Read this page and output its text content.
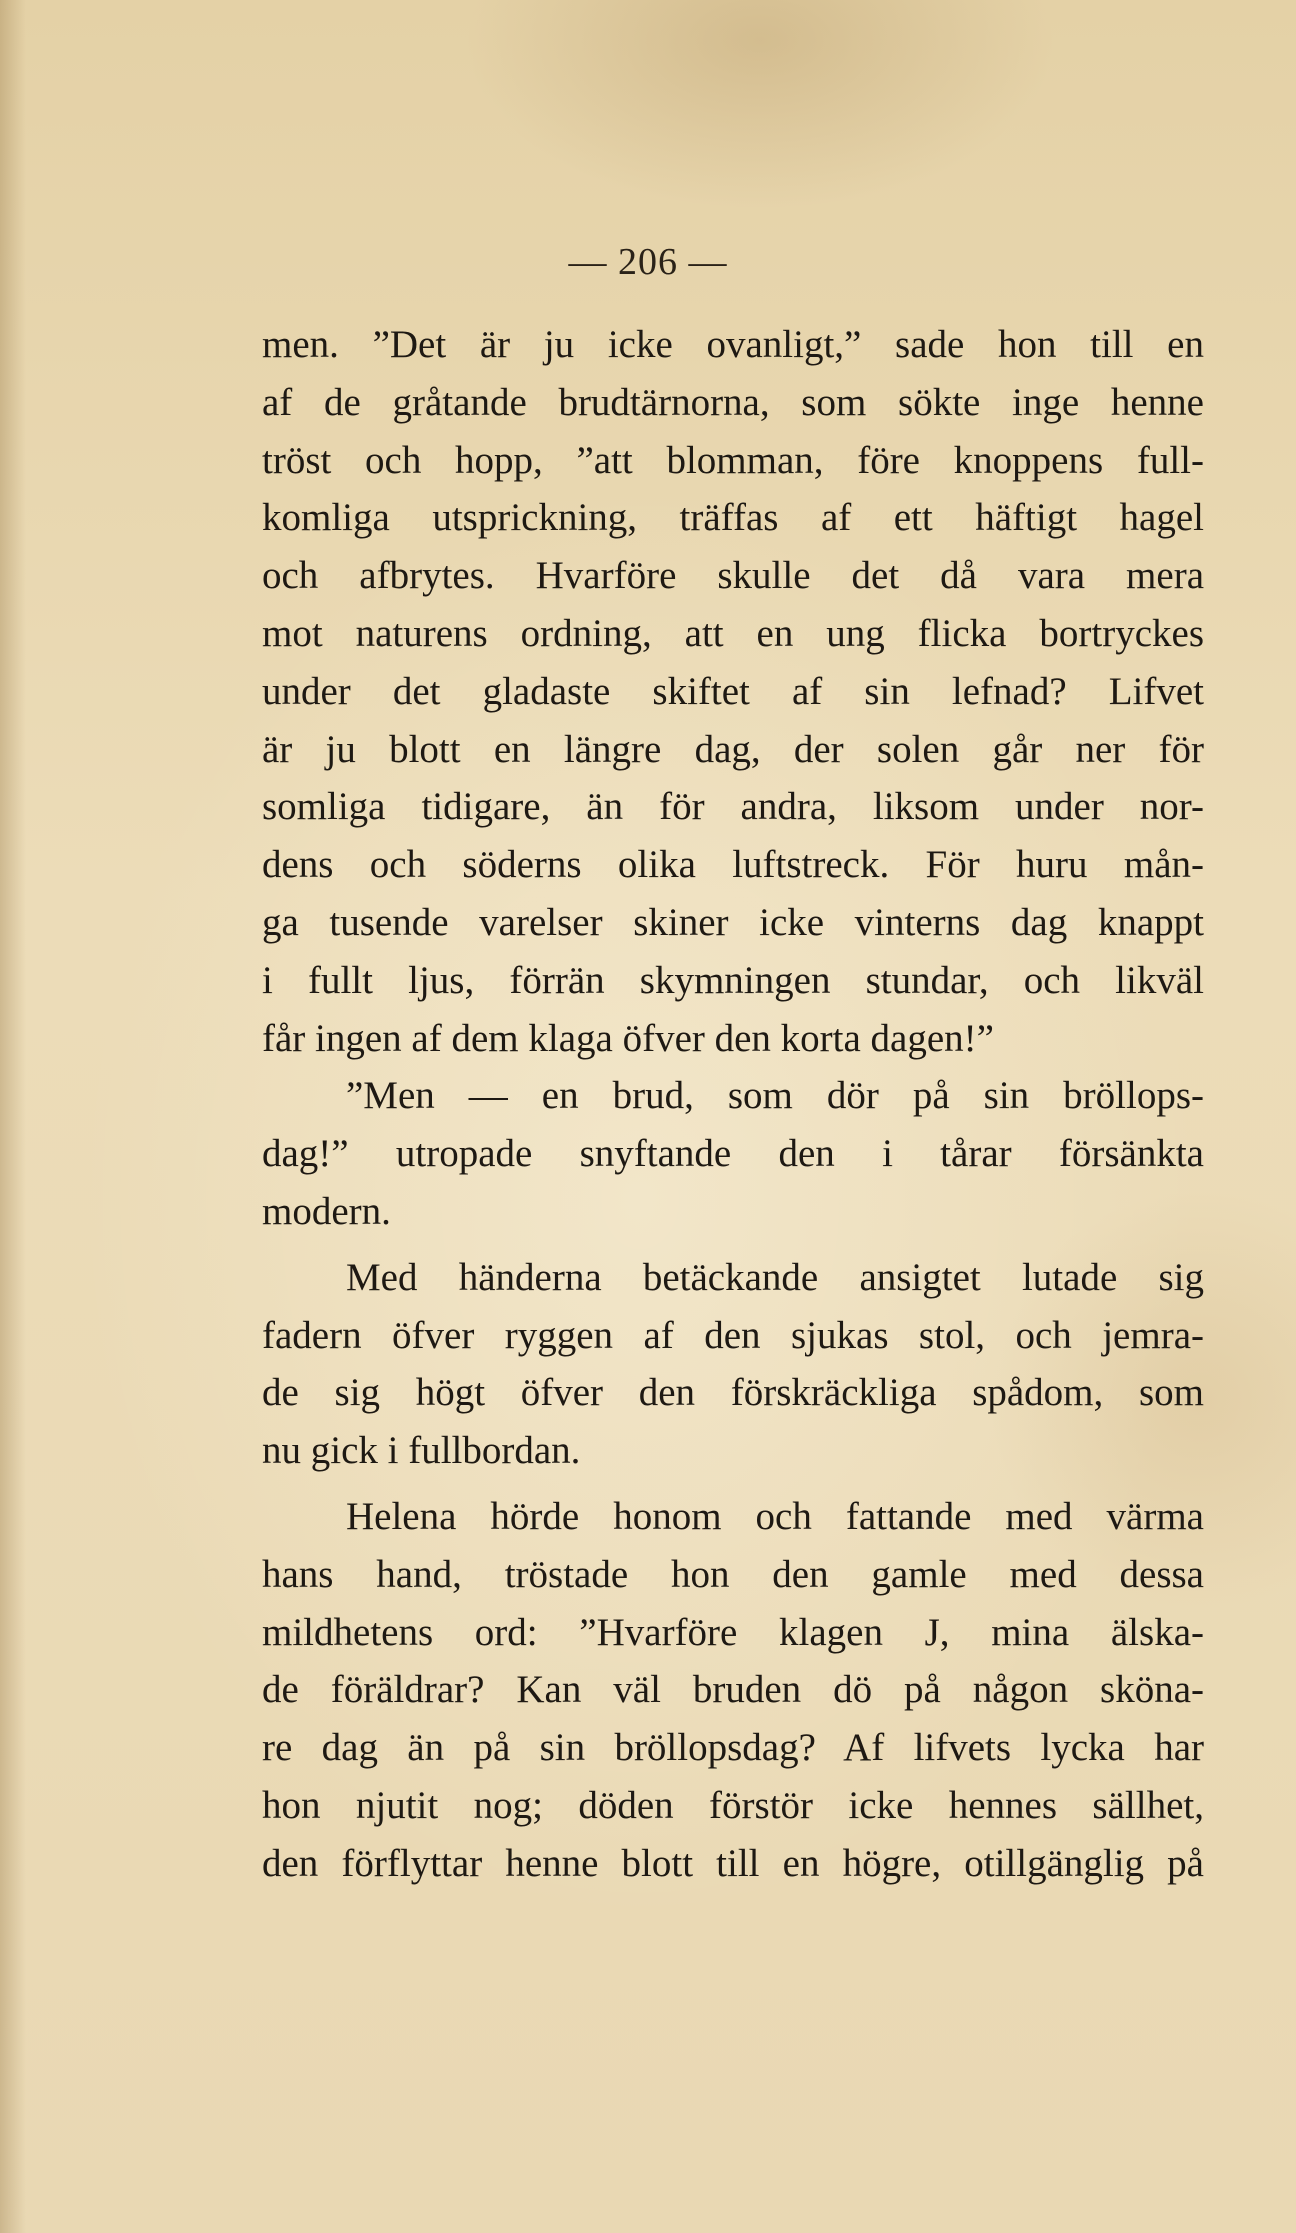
— 206 —
men. ”Det är ju icke ovanligt,” sade hon till en
af de gråtande brudtärnorna, som sökte inge henne
tröst och hopp, ”att blomman, före knoppens full-
komliga utsprickning, träffas af ett häftigt hagel
och afbrytes. Hvarföre skulle det då vara mera
mot naturens ordning, att en ung flicka bortryckes
under det gladaste skiftet af sin lefnad? Lifvet
är ju blott en längre dag, der solen går ner för
somliga tidigare, än för andra, liksom under nor-
dens och söderns olika luftstreck. För huru mån-
ga tusende varelser skiner icke vinterns dag knappt
i fullt ljus, förrän skymningen stundar, och likväl
får ingen af dem klaga öfver den korta dagen!”
”Men — en brud, som dör på sin bröllops-
dag!” utropade snyftande den i tårar försänkta
modern.
Med händerna betäckande ansigtet lutade sig
fadern öfver ryggen af den sjukas stol, och jemra-
de sig högt öfver den förskräckliga spådom, som
nu gick i fullbordan.
Helena hörde honom och fattande med värma
hans hand, tröstade hon den gamle med dessa
mildhetens ord: ”Hvarföre klagen J, mina älska-
de föräldrar? Kan väl bruden dö på någon sköna-
re dag än på sin bröllopsdag? Af lifvets lycka har
hon njutit nog; döden förstör icke hennes sällhet,
den förflyttar henne blott till en högre, otillgänglig på
